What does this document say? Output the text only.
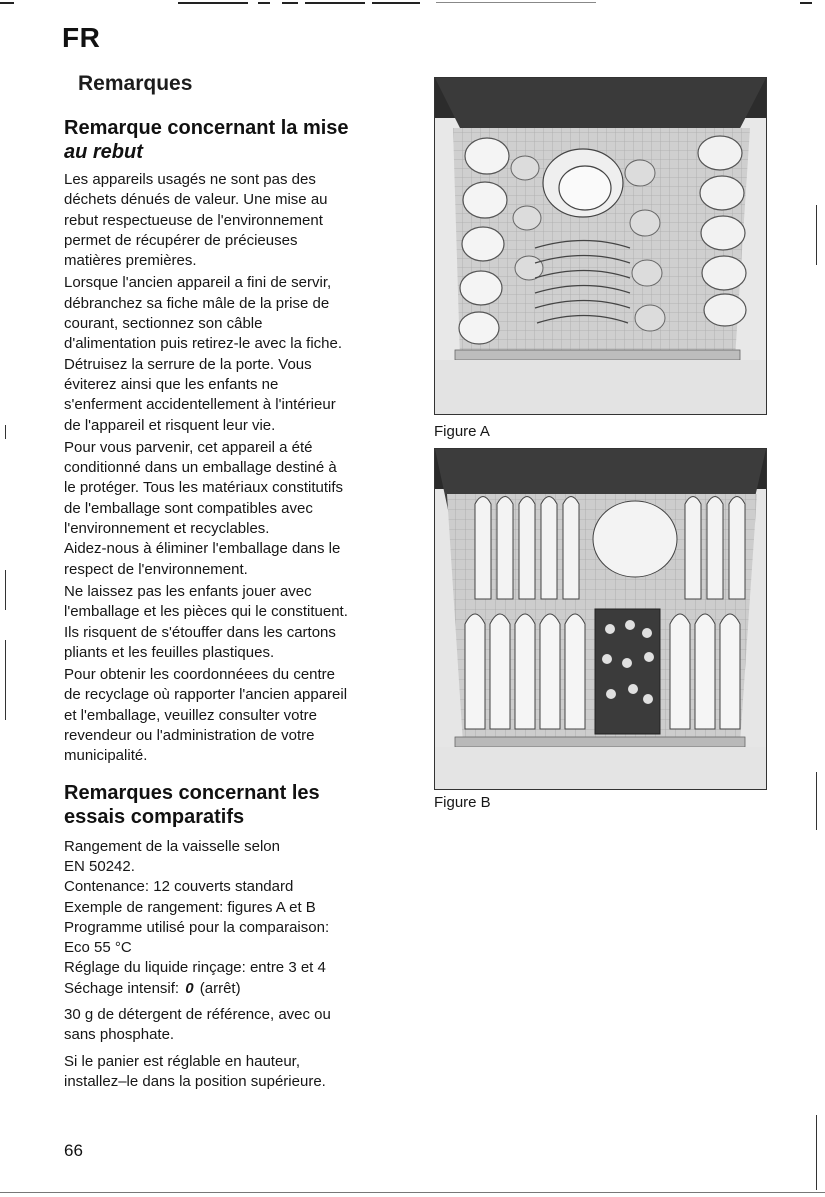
FR
Remarques
Remarque concernant la mise
au rebut

Les appareils usagés ne sont pas des

déchets dénués de valeur. Une mise au

rebut respectueuse de l'environnement

permet de récupérer de précieuses

matières premières.

Lorsque l'ancien appareil a fini de servir,

débranchez sa fiche mâle de la prise de

courant, sectionnez son câble

d'alimentation puis retirez-le avec la fiche.

Détruisez la serrure de la porte. Vous

éviterez ainsi que les enfants ne

s'enferment accidentellement à l'intérieur

de l'appareil et risquent leur vie.

Pour vous parvenir, cet appareil a été

conditionné dans un emballage destiné à

le protéger. Tous les matériaux constitutifs

de l'emballage sont compatibles avec

l'environnement et recyclables.

Aidez-nous à éliminer l'emballage dans le

respect de l'environnement.

Ne laissez pas les enfants jouer avec

l'emballage et les pièces qui le constituent.

Ils risquent de s'étouffer dans les cartons

pliants et les feuilles plastiques.

Pour obtenir les coordonnéees du centre

de recyclage où rapporter l'ancien appareil

et l'emballage, veuillez consulter votre

revendeur ou l'administration de votre

municipalité.

Remarques concernant les
essais comparatifs

Rangement de la vaisselle selon

EN 50242.

Contenance: 12 couverts standard

Exemple de rangement: figures A et B

Programme utilisé pour la comparaison:

Eco 55 °C

Réglage du liquide rinçage: entre 3 et 4

Séchage intensif: 0 (arrêt)

30 g de détergent de référence, avec ou

sans phosphate.

Si le panier est réglable en hauteur,

installez–le dans la position supérieure.

66
Figure A
Figure B
